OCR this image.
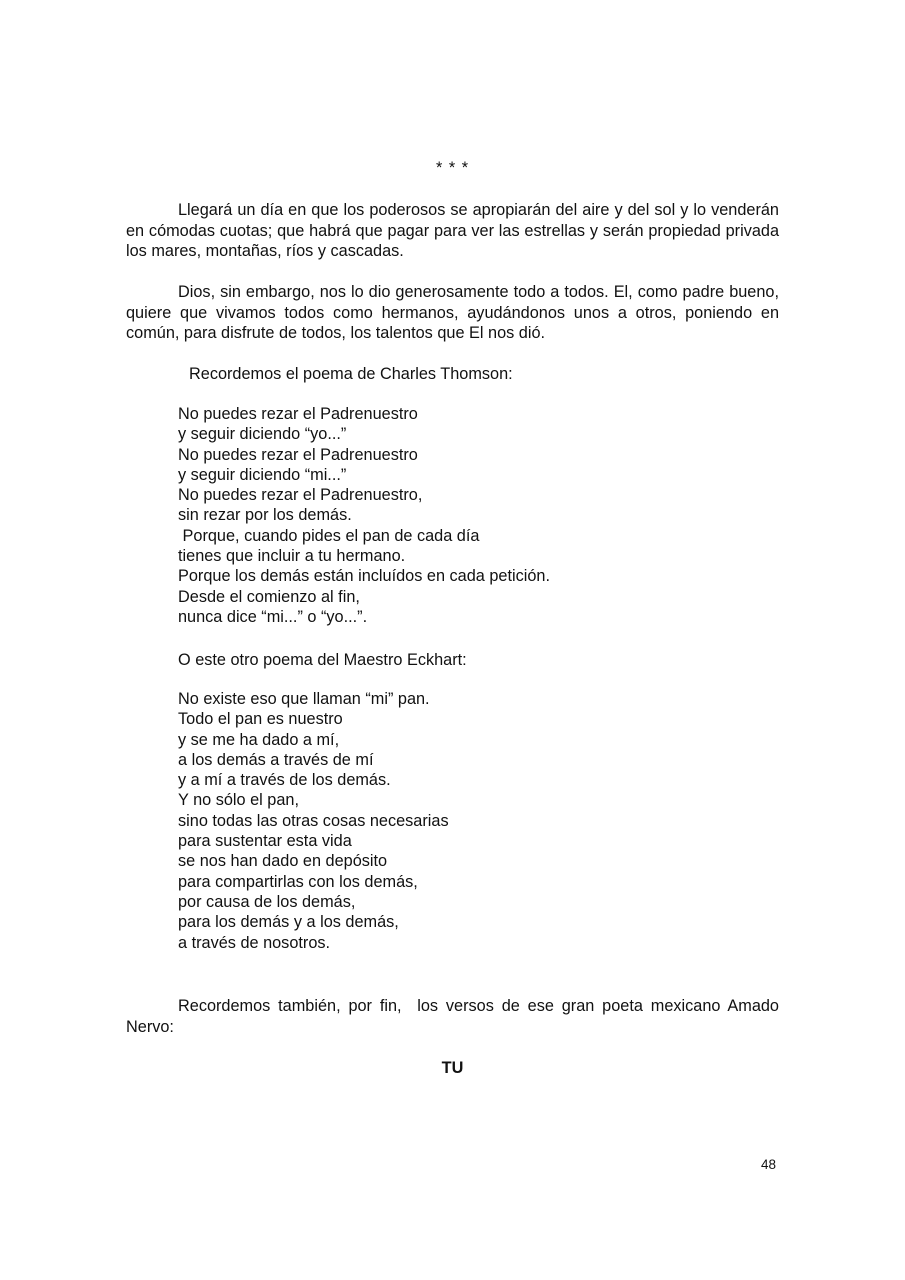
* * *

Llegará un día en que los poderosos se apropiarán del aire y del sol y lo venderán en cómodas cuotas; que habrá que pagar para ver las estrellas y serán propiedad privada los mares, montañas, ríos y cascadas.

Dios, sin embargo, nos lo dio generosamente todo a todos. El, como padre bueno, quiere que vivamos todos como hermanos, ayudándonos unos a otros, poniendo en común, para disfrute de todos, los talentos que El nos dió.

Recordemos el poema de Charles Thomson:
No puedes rezar el Padrenuestro
y seguir diciendo “yo...”
No puedes rezar el Padrenuestro
y seguir diciendo “mi...”
No puedes rezar el Padrenuestro,
sin rezar por los demás.
Porque, cuando pides el pan de cada día
tienes que incluir a tu hermano.
Porque los demás están incluídos en cada petición.
Desde el comienzo al fin,
nunca dice “mi...” o “yo...”.
O este otro poema del Maestro Eckhart:
No existe eso que llaman “mi” pan.
Todo el pan es nuestro
y se me ha dado a mí,
a los demás a través de mí
y a mí a través de los demás.
Y no sólo el pan,
sino todas las otras cosas necesarias
para sustentar esta vida
se nos han dado en depósito
para compartirlas con los demás,
por causa de los demás,
para los demás y a los demás,
a través de nosotros.

Recordemos también, por fin,  los versos de ese gran poeta mexicano Amado Nervo:

TU
48
